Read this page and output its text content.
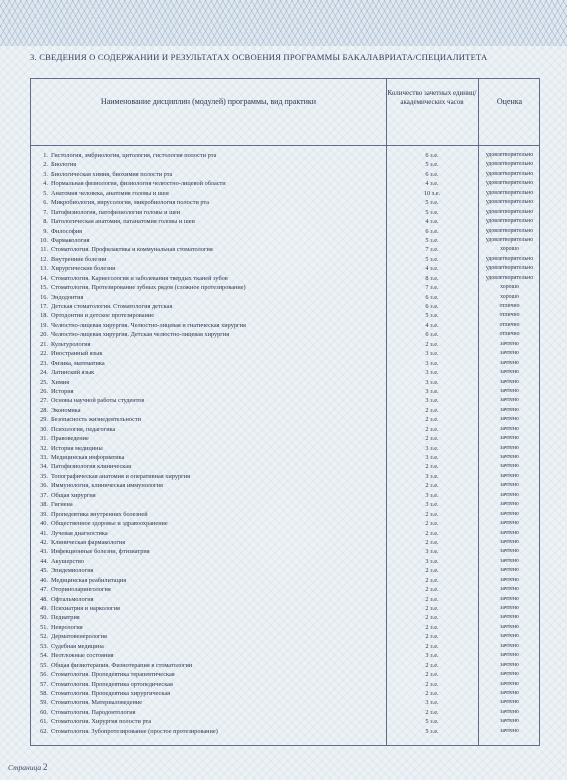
3. СВЕДЕНИЯ О СОДЕРЖАНИИ И РЕЗУЛЬТАТАХ ОСВОЕНИЯ ПРОГРАММЫ БАКАЛАВРИАТА/СПЕЦИАЛИТЕТА
Наименование дисциплин (модулей) программы, вид практики
Количество зачетных единиц/ академических часов	Оценка
1. Гистология, эмбриология, цитология, гистология полости рта	6 з.е.	удовлетворительно
2. Биология	5 з.е.	удовлетворительно
3. Биологическая химия, биохимия полости рта	6 з.е.	удовлетворительно
4. Нормальная физиология, физиология челюстно-лицевой области	4 з.е.	удовлетворительно
5. Анатомия человека, анатомия головы и шеи	10 з.е.	удовлетворительно
6. Микробиология, вирусология, микробиология полости рта	5 з.е.	удовлетворительно
7. Патофизиология, патофизиология головы и шеи	5 з.е.	удовлетворительно
8. Патологическая анатомия, патанатомия головы и шеи	4 з.е.	удовлетворительно
9. Философия	6 з.е.	удовлетворительно
10. Фармакология	5 з.е.	удовлетворительно
11. Стоматология. Профилактика и коммунальная стоматология	7 з.е.	хорошо
12. Внутренние болезни	5 з.е.	удовлетворительно
13. Хирургические болезни	4 з.е.	удовлетворительно
14. Стоматология. Кариесология и заболевания твердых тканей зубов	8 з.е.	удовлетворительно
15. Стоматология. Протезирование зубных рядов (сложное протезирование)	7 з.е.	хорошо
16. Эндодонтия	6 з.е.	хорошо
17. Детская стоматология. Стоматология детская	6 з.е.	отлично
18. Ортодонтия и детское протезирование	5 з.е.	отлично
19. Челюстно-лицевая хирургия. Челюстно-лицевая и гнатическая хирургия	4 з.е.	отлично
20. Челюстно-лицевая хирургия. Детская челюстно-лицевая хирургия	6 з.е.	отлично
21. Культурология	2 з.е.	зачтено
22. Иностранный язык	3 з.е.	зачтено
23. Физика, математика	3 з.е.	зачтено
24. Латинский язык	3 з.е.	зачтено
25. Химия	3 з.е.	зачтено
26. История	3 з.е.	зачтено
27. Основы научной работы студентов	3 з.е.	зачтено
28. Экономика	2 з.е.	зачтено
29. Безопасность жизнедеятельности	2 з.е.	зачтено
30. Психология, педагогика	2 з.е.	зачтено
31. Правоведение	2 з.е.	зачтено
32. История медицины	3 з.е.	зачтено
33. Медицинская информатика	3 з.е.	зачтено
34. Патофизиология клиническая	2 з.е.	зачтено
35. Топографическая анатомия и оперативная хирургия	3 з.е.	зачтено
36. Иммунология, клиническая иммунология	2 з.е.	зачтено
37. Общая хирургия	3 з.е.	зачтено
38. Гигиена	3 з.е.	зачтено
39. Пропедевтика внутренних болезней	2 з.е.	зачтено
40. Общественное здоровье и здравоохранение	2 з.е.	зачтено
41. Лучевая диагностика	2 з.е.	зачтено
42. Клиническая фармакология	2 з.е.	зачтено
43. Инфекционные болезни, фтизиатрия	3 з.е.	зачтено
44. Акушерство	3 з.е.	зачтено
45. Эпидемиология	2 з.е.	зачтено
46. Медицинская реабилитация	2 з.е.	зачтено
47. Оториноларингология	2 з.е.	зачтено
48. Офтальмология	2 з.е.	зачтено
49. Психиатрия и наркология	2 з.е.	зачтено
50. Педиатрия	2 з.е.	зачтено
51. Неврология	2 з.е.	зачтено
52. Дерматовенерология	2 з.е.	зачтено
53. Судебная медицина	2 з.е.	зачтено
54. Неотложные состояния	3 з.е.	зачтено
55. Общая физиотерапия. Физиотерапия в стоматологии	2 з.е.	зачтено
56. Стоматология. Пропедевтика терапевтическая	2 з.е.	зачтено
57. Стоматология. Пропедевтика ортопедическая	2 з.е.	зачтено
58. Стоматология. Пропедевтика хирургическая	2 з.е.	зачтено
59. Стоматология. Материаловедение	3 з.е.	зачтено
60. Стоматология. Пародонтология	2 з.е.	зачтено
61. Стоматология. Хирургия полости рта	5 з.е.	зачтено
62. Стоматология. Зубопротезирование (простое протезирование)	5 з.е.	зачтено
Страница 2
